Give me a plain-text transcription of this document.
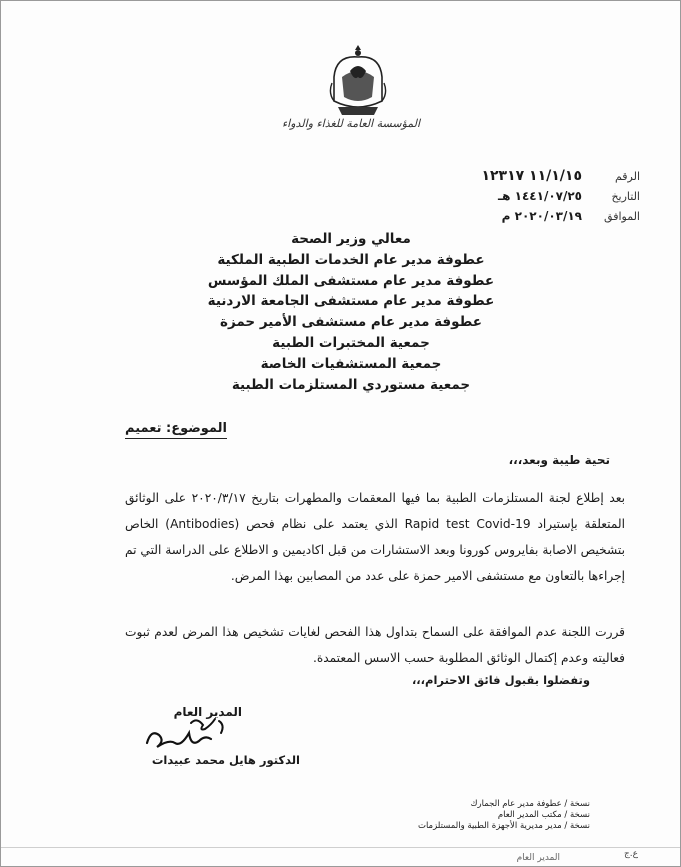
المؤسسة العامة للغذاء والدواء
الرقم
١١/١/١٥ ١٢٣١٧
التاريخ
١٤٤١/٠٧/٢٥ هـ
الموافق
٢٠٢٠/٠٣/١٩ م
معالي وزير الصحة
عطوفة مدير عام الخدمات الطبية الملكية
عطوفة مدير عام مستشفى الملك المؤسس
عطوفة مدير عام مستشفى الجامعة الاردنية
عطوفة مدير عام مستشفى الأمير حمزة
جمعية المختبرات الطبية
جمعية المستشفيات الخاصة
جمعية مستوردي المستلزمات الطبية
الموضوع: تعميم
تحية طيبة وبعد،،،
بعد إطلاع لجنة المستلزمات الطبية بما فيها المعقمات والمطهرات بتاريخ ٢٠٢٠/٣/١٧ على الوثائق المتعلقة بإستيراد Rapid test Covid-19 الذي يعتمد على نظام فحص (Antibodies) الخاص بتشخيص الاصابة بفايروس كورونا وبعد الاستشارات من قبل اكاديمين و الاطلاع على الدراسة التي تم إجراءها بالتعاون مع مستشفى الامير حمزة على عدد من المصابين بهذا المرض.
قررت اللجنة عدم الموافقة على السماح بتداول هذا الفحص لغايات تشخيص هذا المرض لعدم ثبوت فعاليته وعدم إكتمال الوثائق المطلوبة حسب الاسس المعتمدة.
وتفضلوا بقبول فائق الاحترام،،،
المدير العام
الدكتور هايل محمد عبيدات
نسخة / عطوفة مدير عام الجمارك
نسخة / مكتب المدير العام
نسخة / مدير مديرية الأجهزة الطبية والمستلزمات
ع.ج
المدير العام
